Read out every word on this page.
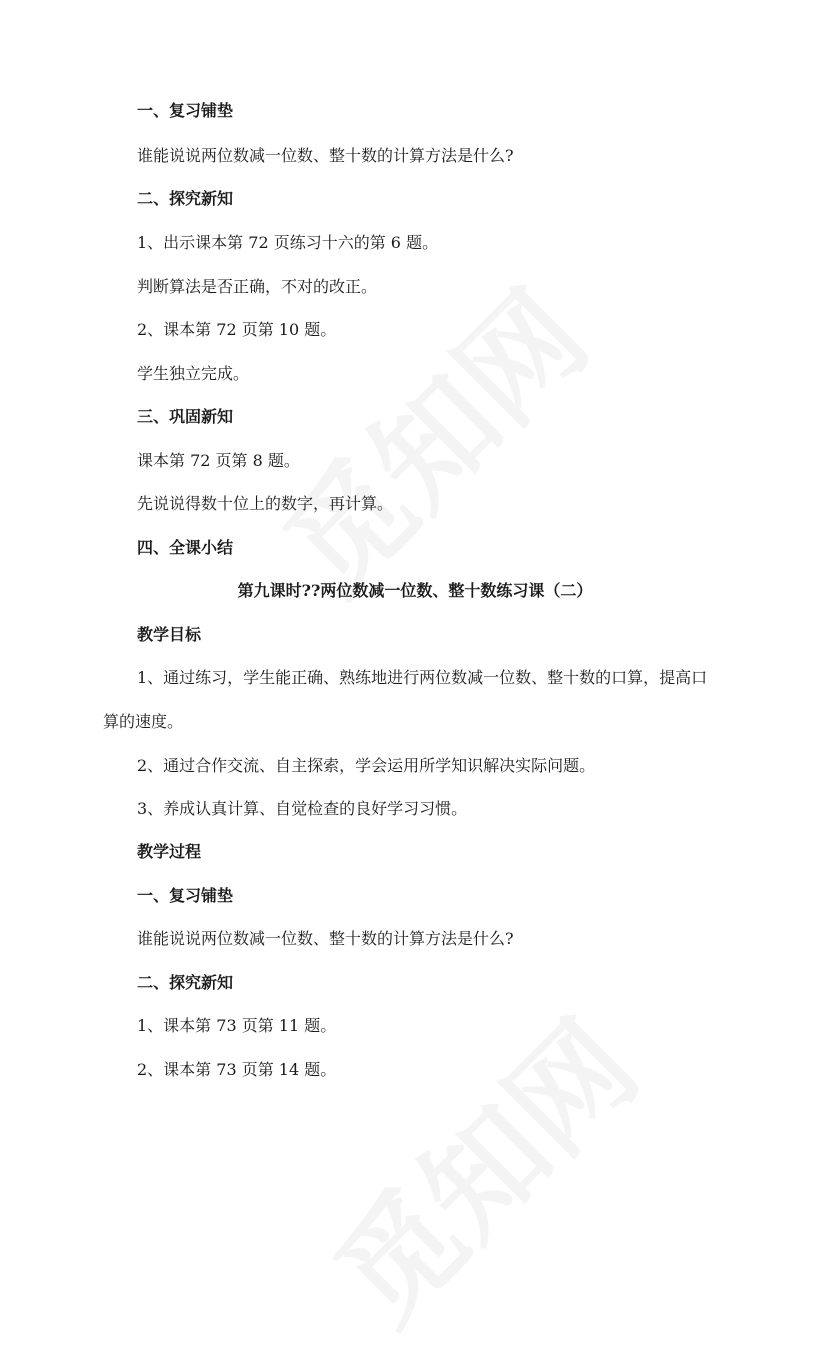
一、复习铺垫

谁能说说两位数减一位数、整十数的计算方法是什么?

二、探究新知

1、出示课本第 72 页练习十六的第 6 题。

判断算法是否正确，不对的改正。

2、课本第 72 页第 10 题。

学生独立完成。

三、巩固新知

课本第 72 页第 8 题。

先说说得数十位上的数字，再计算。

四、全课小结

第九课时??两位数减一位数、整十数练习课（二）

教学目标

1、通过练习，学生能正确、熟练地进行两位数减一位数、整十数的口算，提高口

算的速度。

2、通过合作交流、自主探索，学会运用所学知识解决实际问题。

3、养成认真计算、自觉检查的良好学习习惯。

教学过程

一、复习铺垫

谁能说说两位数减一位数、整十数的计算方法是什么?

二、探究新知

1、课本第 73 页第 11 题。

2、课本第 73 页第 14 题。
